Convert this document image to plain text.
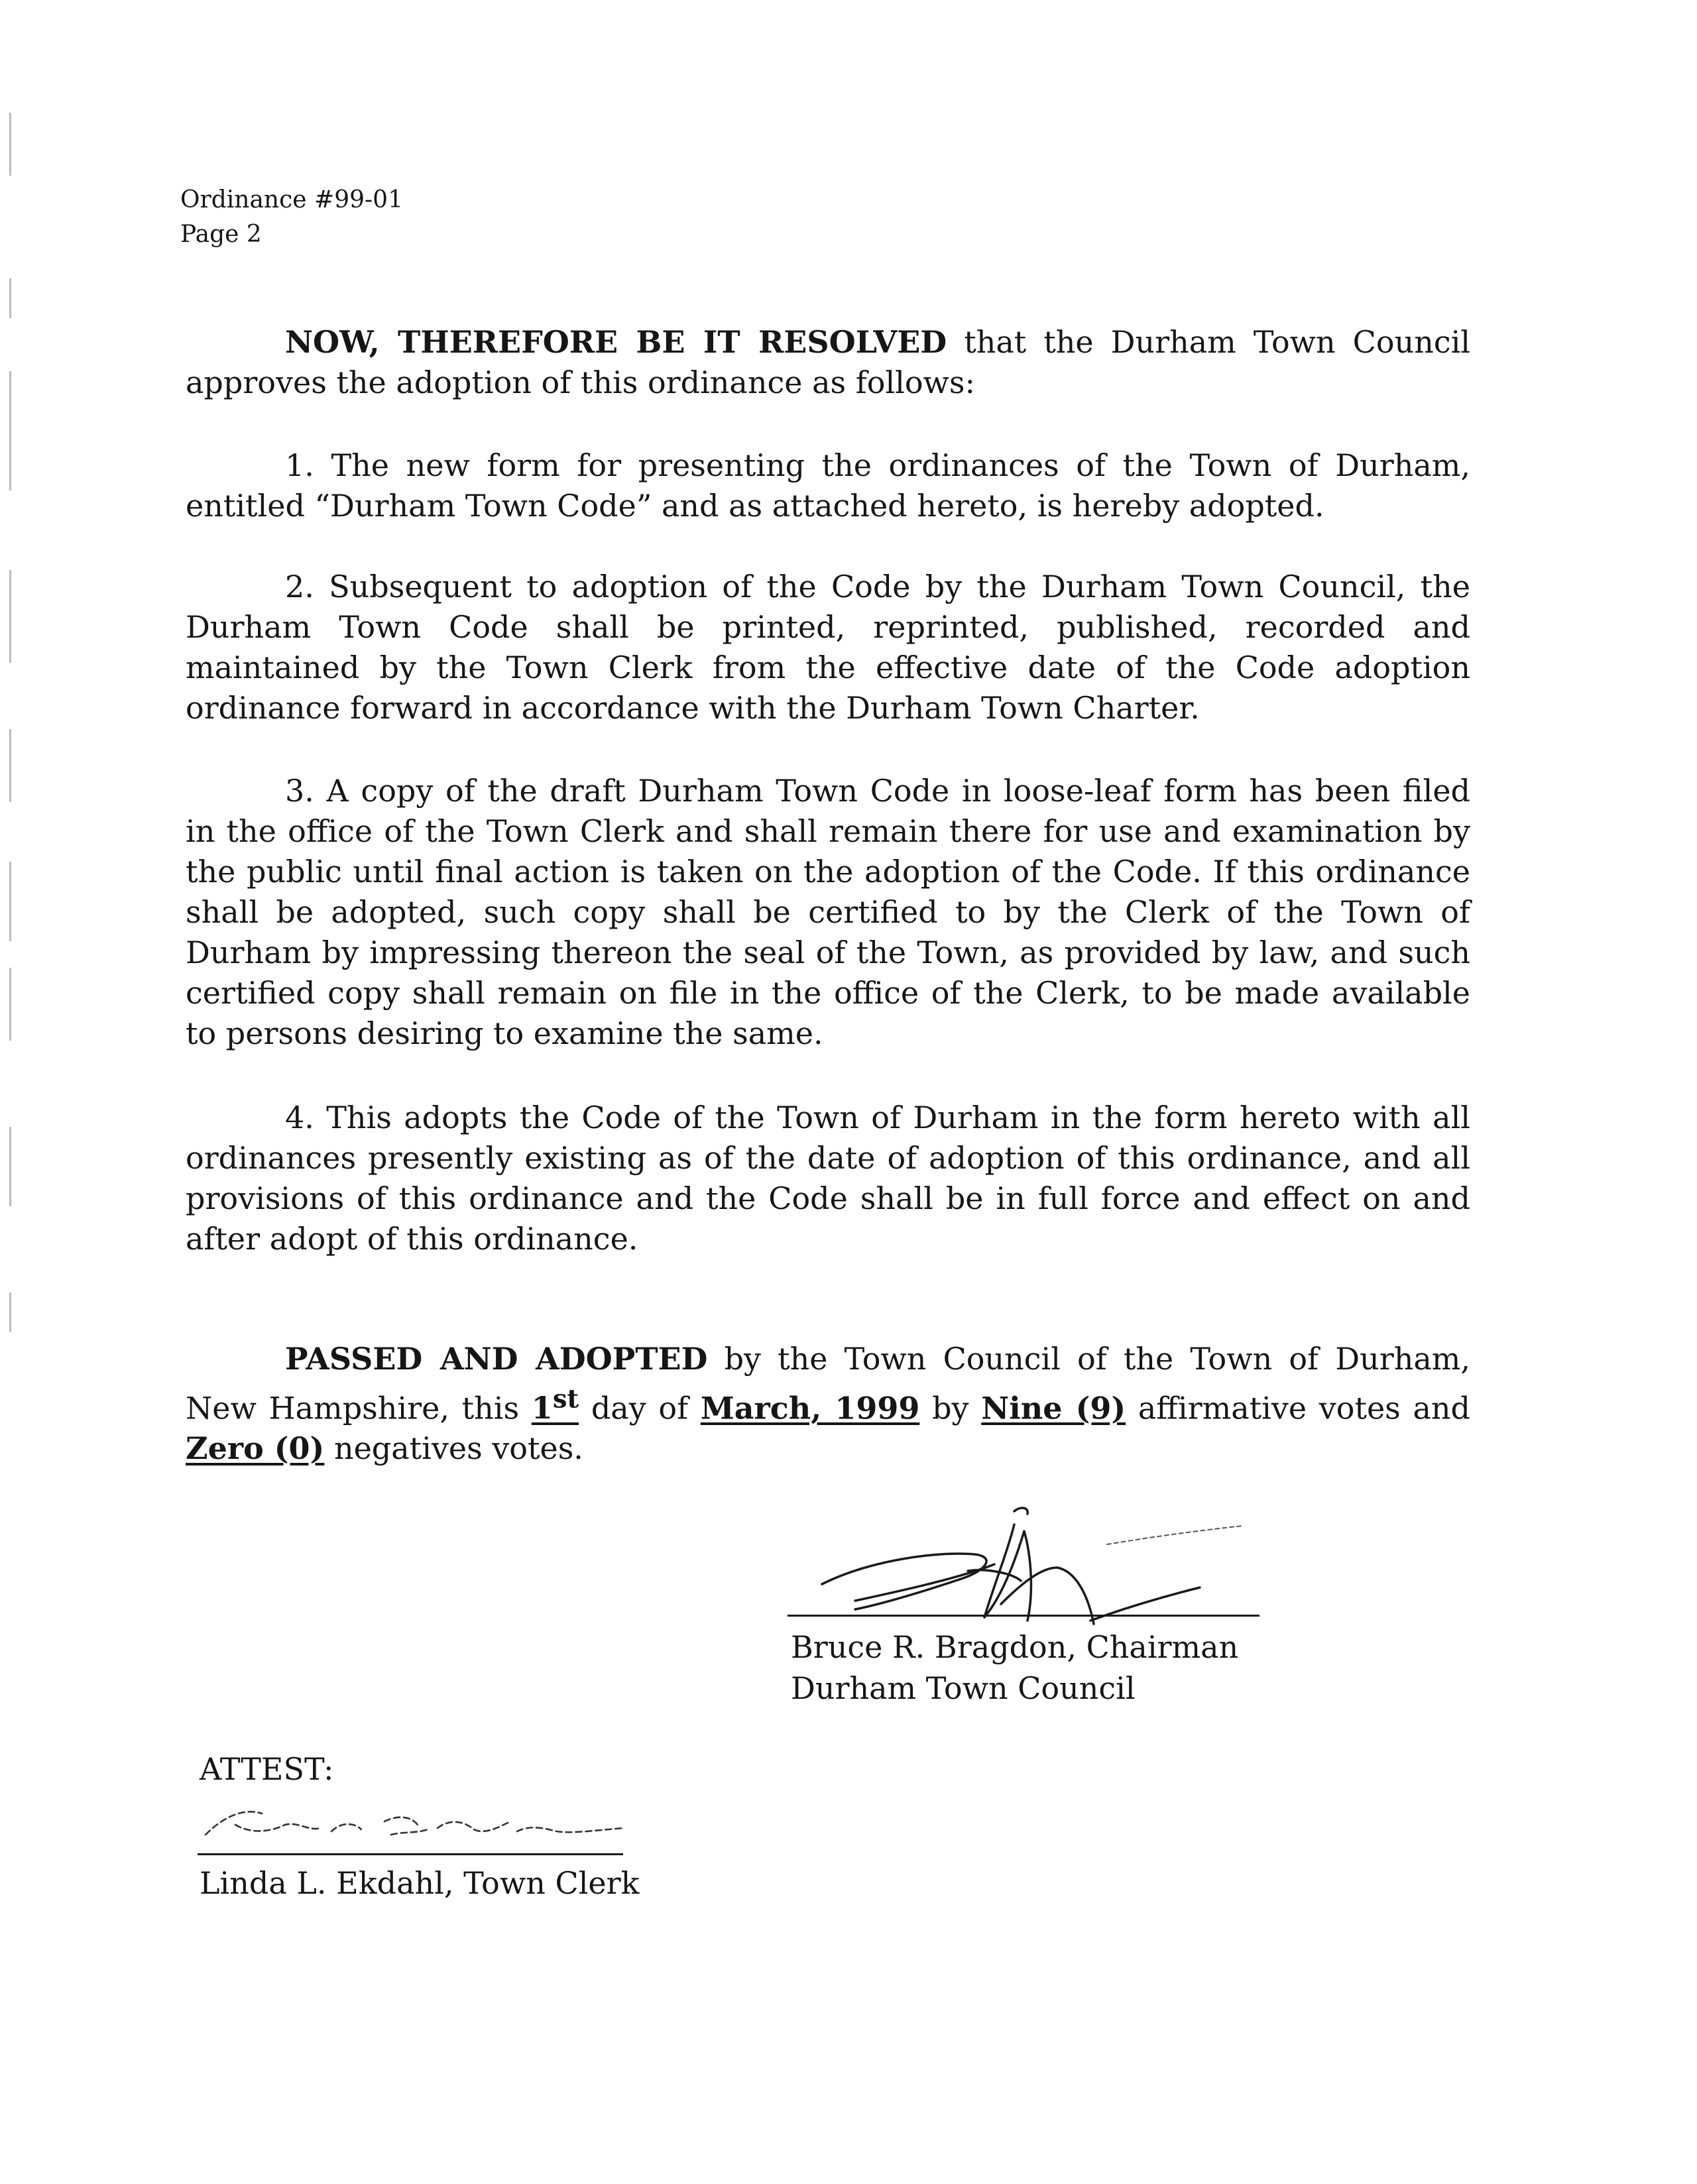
Ordinance #99-01
Page 2
NOW, THEREFORE BE IT RESOLVED that the Durham Town Council approves the adoption of this ordinance as follows:
1. The new form for presenting the ordinances of the Town of Durham, entitled “Durham Town Code” and as attached hereto, is hereby adopted.
2. Subsequent to adoption of the Code by the Durham Town Council, the Durham Town Code shall be printed, reprinted, published, recorded and maintained by the Town Clerk from the effective date of the Code adoption ordinance forward in accordance with the Durham Town Charter.
3. A copy of the draft Durham Town Code in loose-leaf form has been filed in the office of the Town Clerk and shall remain there for use and examination by the public until final action is taken on the adoption of the Code. If this ordinance shall be adopted, such copy shall be certified to by the Clerk of the Town of Durham by impressing thereon the seal of the Town, as provided by law, and such certified copy shall remain on file in the office of the Clerk, to be made available to persons desiring to examine the same.
4. This adopts the Code of the Town of Durham in the form hereto with all ordinances presently existing as of the date of adoption of this ordinance, and all provisions of this ordinance and the Code shall be in full force and effect on and after adopt of this ordinance.
PASSED AND ADOPTED by the Town Council of the Town of Durham, New Hampshire, this 1st day of March, 1999 by Nine (9) affirmative votes and Zero (0) negatives votes.
Bruce R. Bragdon, Chairman
Durham Town Council
ATTEST:
Linda L. Ekdahl, Town Clerk
